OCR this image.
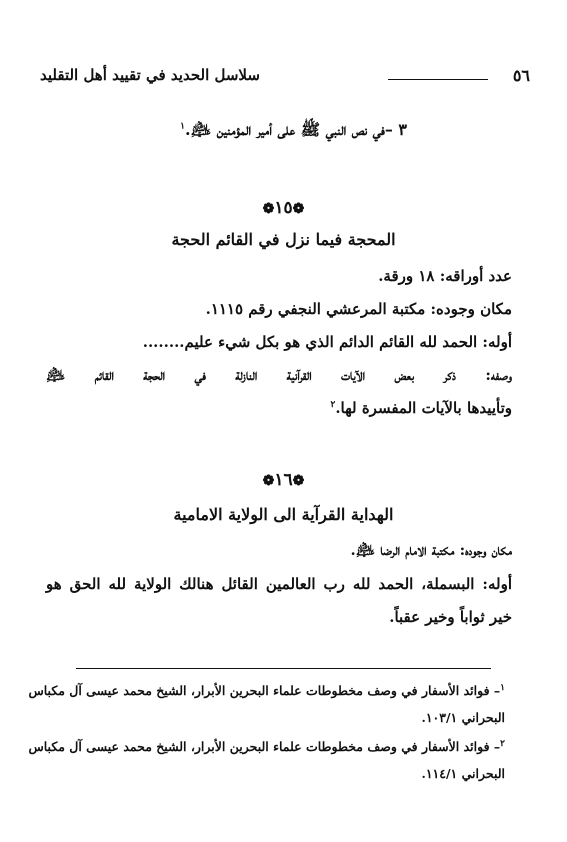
٥٦
سلاسل الحديد في تقييد أهل التقليد
٣ –في نص النبي ﷺ على أمير المؤمنين ﵇.$^١$
❁١٥❁
المحجة فيما نزل في القائم الحجة
عدد أوراقه: ١٨ ورقة.
مكان وجوده: مكتبة المرعشي النجفي رقم ١١١٥.
أوله: الحمد لله القائم الدائم الذي هو بكل شيء عليم........
وصفه: ذكر بعض الآيات القرآنية النازلة في الحجة القائم ﵇
وتأييدها بالآيات المفسرة لها.$^٢$
❁١٦❁
الهداية القرآية الى الولاية الامامية
مكان وجوده: مكتبة الامام الرضا ﵇.
أوله: البسملة، الحمد لله رب العالمين القائل هنالك الولاية لله الحق هو
خير ثواباً وخير عقباً.
$^١$– فوائد الأسفار في وصف مخطوطات علماء البحرين الأبرار، الشيخ محمد عيسى آل مكباس
البحراني ١٠٣/١.
$^٢$– فوائد الأسفار في وصف مخطوطات علماء البحرين الأبرار، الشيخ محمد عيسى آل مكباس
البحراني ١١٤/١.
